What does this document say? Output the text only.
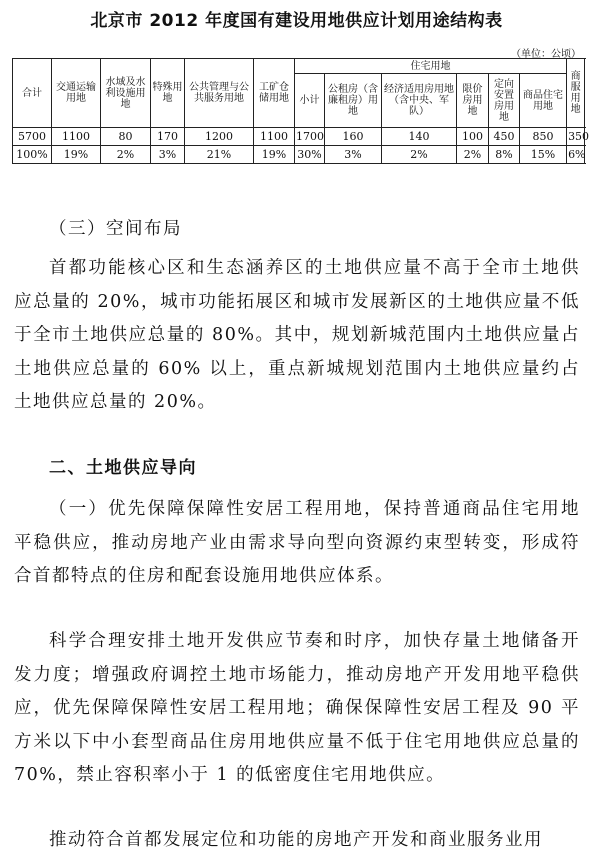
北京市 2012 年度国有建设用地供应计划用途结构表
（单位：公顷）
合计	交通运输用地	水域及水利设施用地	特殊用地	公共管理与公共服务用地	工矿仓储用地	住宅用地						商服用地
						小计	公租房（含廉租房）用地	经济适用房用地（含中央、军队）	限价房用地	定向安置房用地	商品住宅用地	
5700	1100	80	170	1200	1100	1700	160	140	100	450	850	350
100%	19%	2%	3%	21%	19%	30%	3%	2%	2%	8%	15%	6%

（三）空间布局

首都功能核心区和生态涵养区的土地供应量不高于全市土地供应总量的 20%，城市功能拓展区和城市发展新区的土地供应量不低于全市土地供应总量的 80%。其中，规划新城范围内土地供应量占土地供应总量的 60% 以上，重点新城规划范围内土地供应量约占土地供应总量的 20%。

二、土地供应导向

（一）优先保障保障性安居工程用地，保持普通商品住宅用地平稳供应，推动房地产业由需求导向型向资源约束型转变，形成符合首都特点的住房和配套设施用地供应体系。

科学合理安排土地开发供应节奏和时序，加快存量土地储备开发力度；增强政府调控土地市场能力，推动房地产开发用地平稳供应，优先保障保障性安居工程用地；确保保障性安居工程及 90 平方米以下中小套型商品住房用地供应量不低于住宅用地供应总量的 70%，禁止容积率小于 1 的低密度住宅用地供应。

推动符合首都发展定位和功能的房地产开发和商业服务业用
